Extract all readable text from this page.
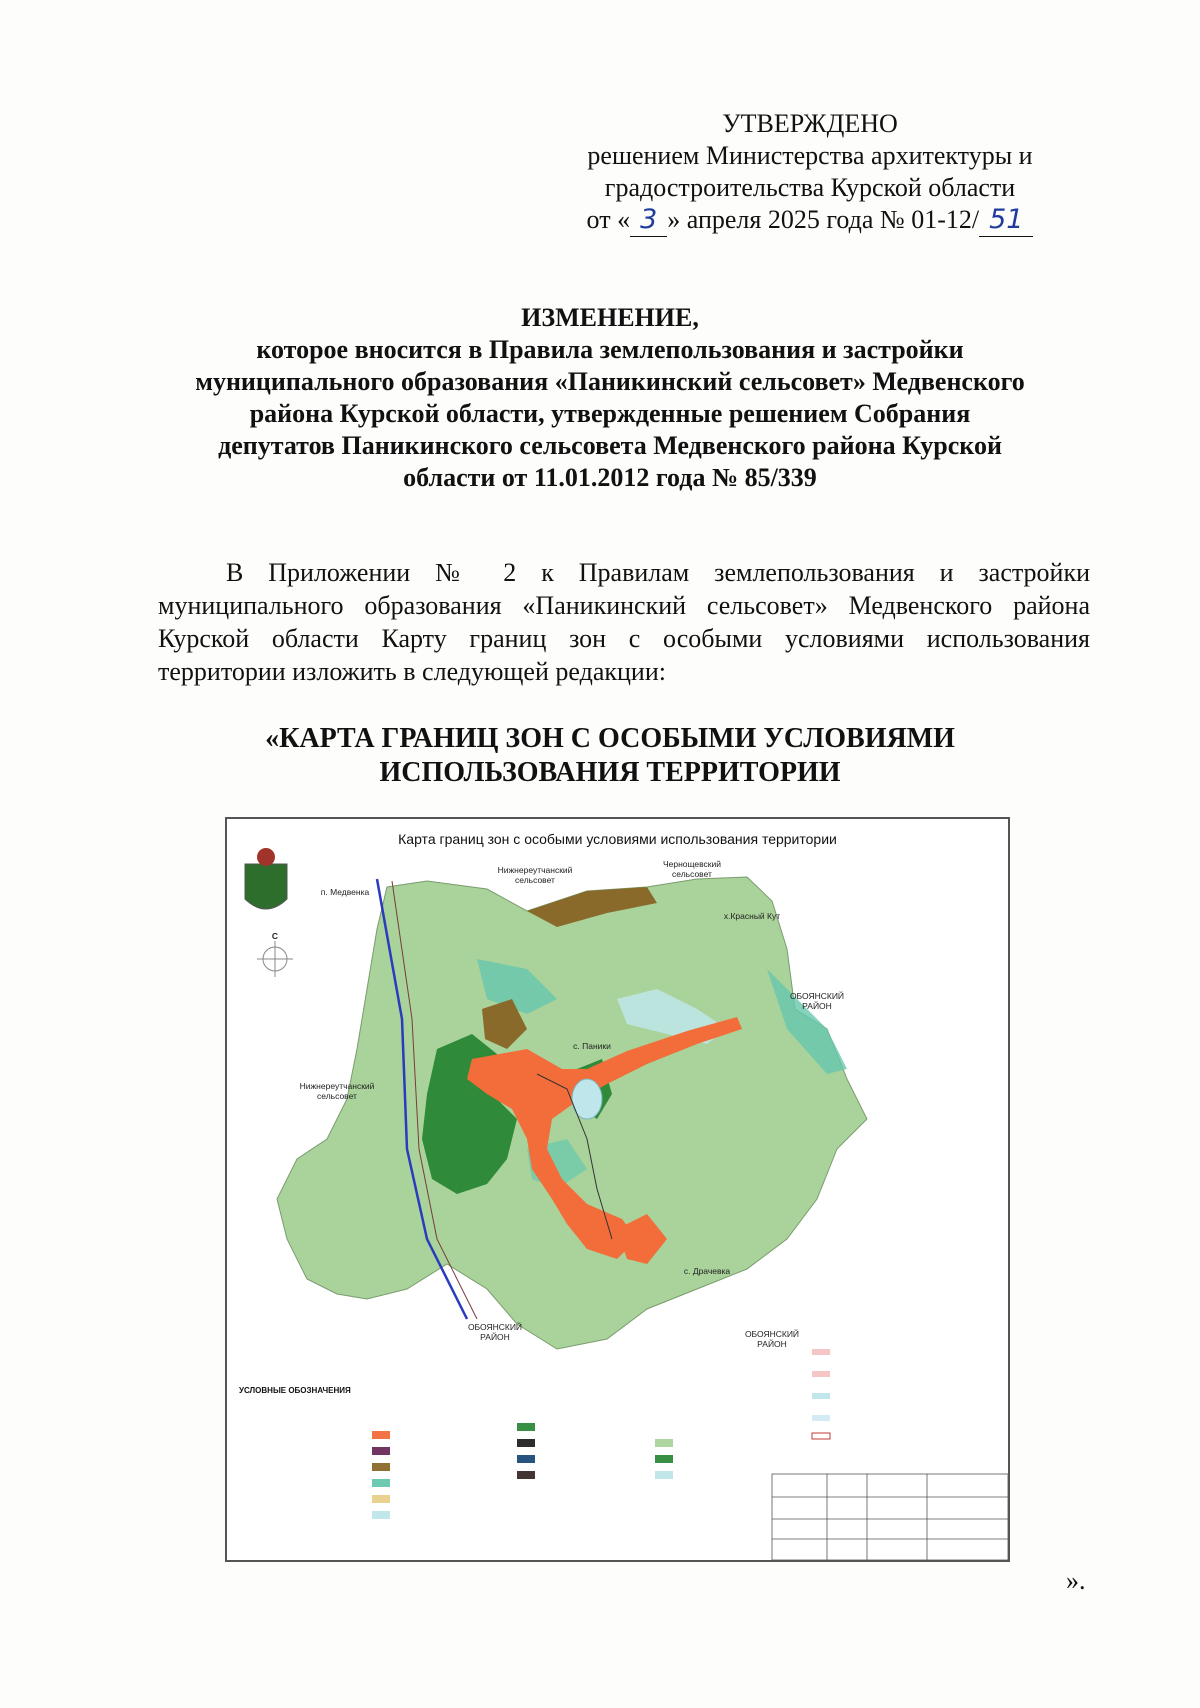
УТВЕРЖДЕНО
решением Министерства архитектуры и
градостроительства Курской области
от « 3 » апреля 2025 года № 01-12/ 51
ИЗМЕНЕНИЕ,
которое вносится в Правила землепользования и застройки
муниципального образования «Паникинский сельсовет» Медвенского
района Курской области, утвержденные решением Собрания
депутатов Паникинского сельсовета Медвенского района Курской
области от 11.01.2012 года № 85/339
В Приложении № 2 к Правилам землепользования и застройки муниципального образования «Паникинский сельсовет» Медвенского района Курской области Карту границ зон с особыми условиями использования территории изложить в следующей редакции:
«КАРТА ГРАНИЦ ЗОН С ОСОБЫМИ УСЛОВИЯМИ
ИСПОЛЬЗОВАНИЯ ТЕРРИТОРИИ
Карта границ зон с особыми условиями использования территории
Нижнереутчанский сельсовет
Чернощевский сельсовет
п. Медвенка
х.Красный Кут
ОБОЯНСКИЙ РАЙОН
с. Паники
Нижнереутчанский сельсовет
с. Драчевка
ОБОЯНСКИЙ РАЙОН	ОБОЯНСКИЙ РАЙОН
С
УСЛОВНЫЕ ОБОЗНАЧЕНИЯ
».
